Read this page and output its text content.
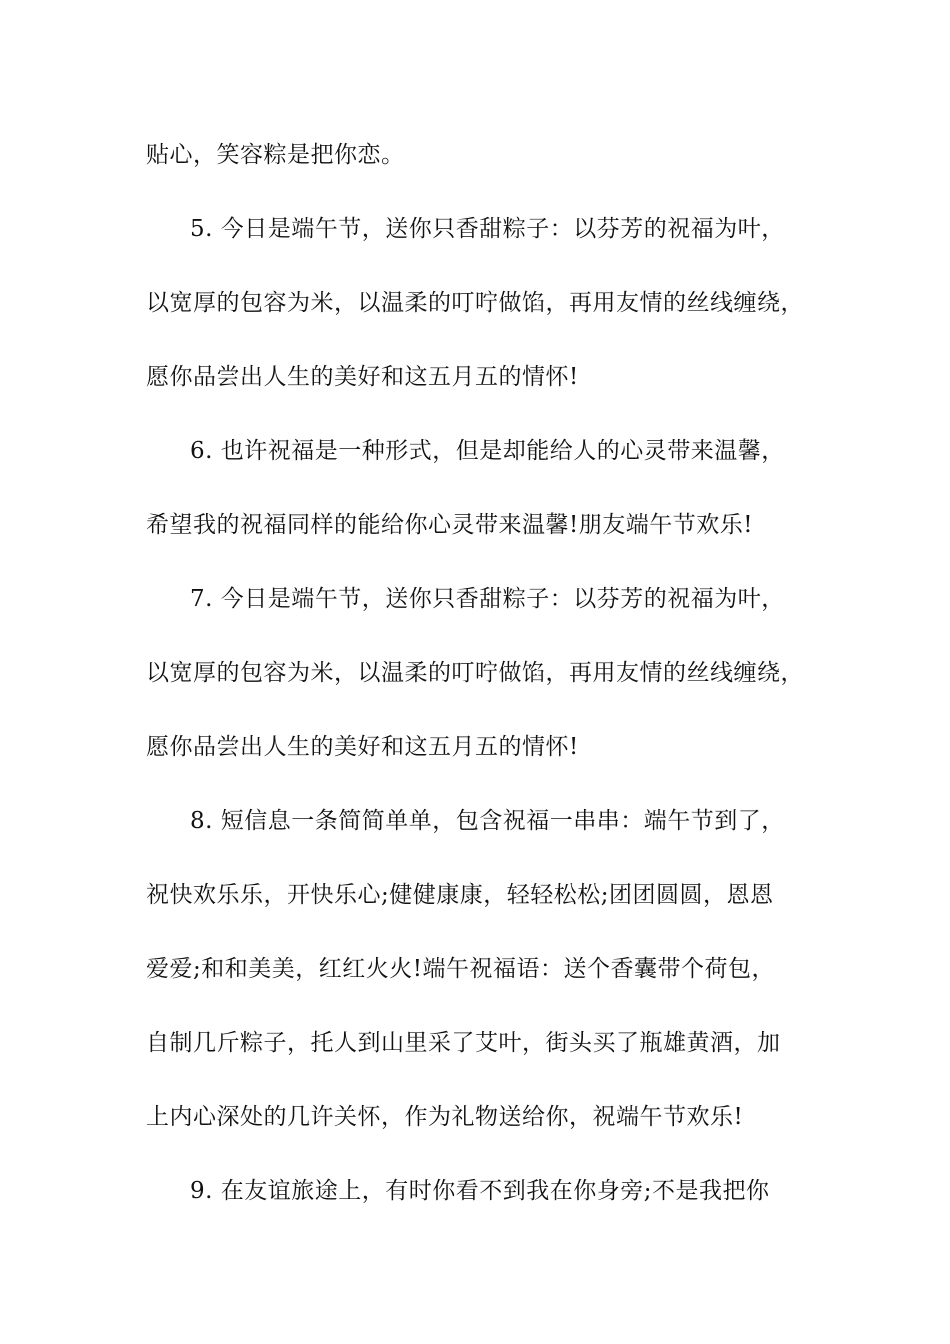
贴心，笑容粽是把你恋。
5. 今日是端午节，送你只香甜粽子：以芬芳的祝福为叶，
以宽厚的包容为米，以温柔的叮咛做馅，再用友情的丝线缠绕，
愿你品尝出人生的美好和这五月五的情怀!
6. 也许祝福是一种形式，但是却能给人的心灵带来温馨，
希望我的祝福同样的能给你心灵带来温馨!朋友端午节欢乐!
7. 今日是端午节，送你只香甜粽子：以芬芳的祝福为叶，
以宽厚的包容为米，以温柔的叮咛做馅，再用友情的丝线缠绕，
愿你品尝出人生的美好和这五月五的情怀!
8. 短信息一条简简单单，包含祝福一串串：端午节到了，
祝快欢乐乐，开快乐心;健健康康，轻轻松松;团团圆圆，恩恩
爱爱;和和美美，红红火火!端午祝福语：送个香囊带个荷包，
自制几斤粽子，托人到山里采了艾叶，街头买了瓶雄黄酒，加
上内心深处的几许关怀，作为礼物送给你，祝端午节欢乐!
9. 在友谊旅途上，有时你看不到我在你身旁;不是我把你
